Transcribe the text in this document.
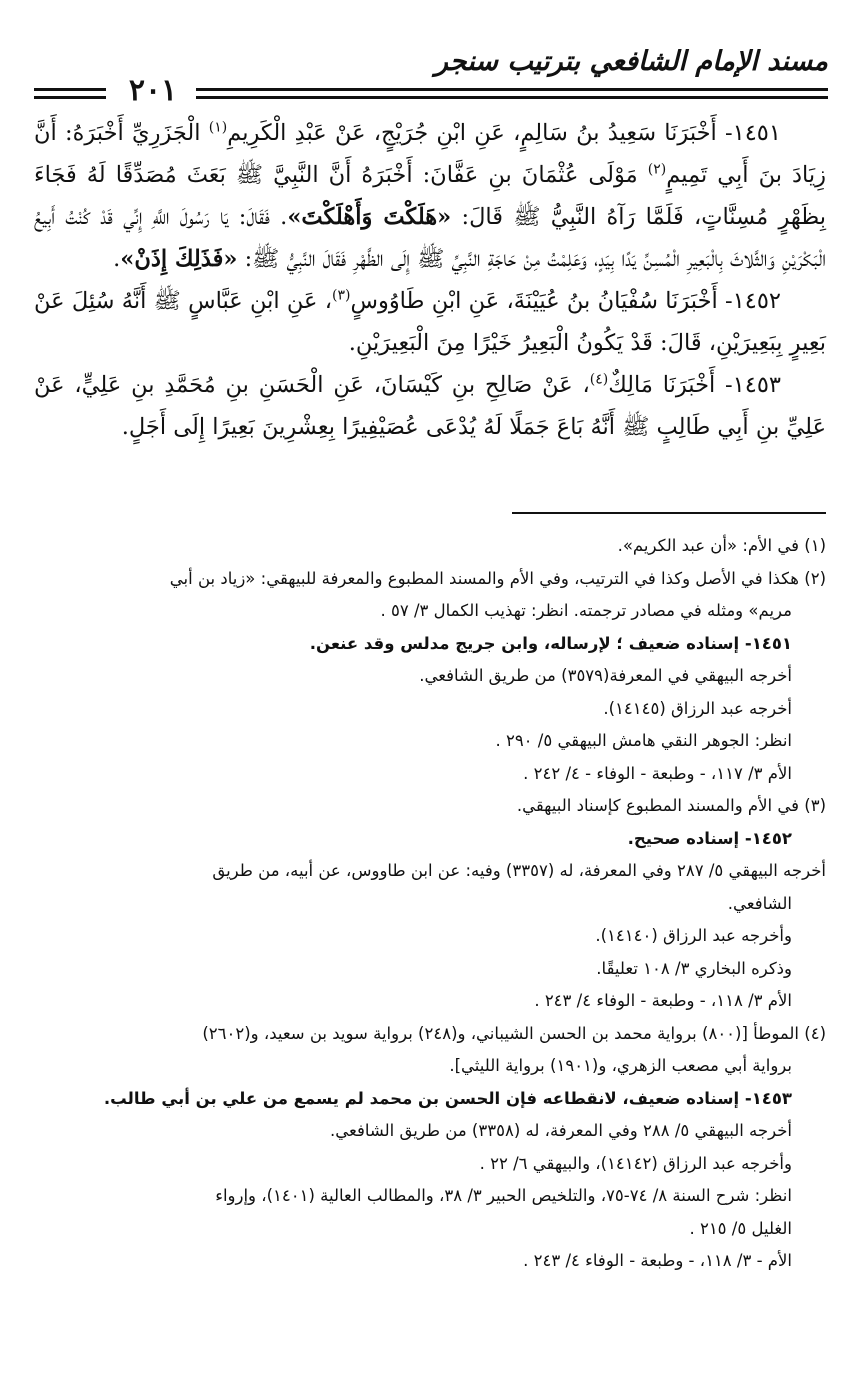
مسند الإمام الشافعي بترتيب سنجر
٢٠١

  ١٤٥١- أَخْبَرَنَا سَعِيدُ بنُ سَالِمٍ، عَنِ ابْنِ جُرَيْجٍ، عَنْ عَبْدِ الْكَرِيمِ$^{(١)}$ الْجَزَرِيِّ أَخْبَرَهُ: أَنَّ زِيَادَ بنَ أَبِي تَمِيمٍ$^{(٢)}$ مَوْلَى عُثْمَانَ بنِ عَفَّانَ: أَخْبَرَهُ أَنَّ النَّبِيَّ ﷺ بَعَثَ مُصَدِّقًا لَهُ فَجَاءَ بِظَهْرٍ مُسِنَّاتٍ، فَلَمَّا رَآهُ النَّبِيُّ ﷺ قَالَ: «هَلَكْتَ وَأَهْلَكْتَ». فَقَالَ: يَا رَسُولَ اللَّهِ إِنِّي قَدْ كُنْتُ أَبِيعُ الْبَكْرَيْنِ وَالثَّلاثَ بِالْبَعِيرِ الْمُسِنِّ يَدًا بِيَدٍ، وَعَلِمْتُ مِنْ حَاجَةِ النَّبِيِّ ﷺ إِلَى الظَّهْرِ فَقَالَ النَّبِيُّ ﷺ: «فَذَلِكَ إِذَنْ».

  ١٤٥٢- أَخْبَرَنَا سُفْيَانُ بنُ عُيَيْنَةَ، عَنِ ابْنِ طَاوُوسٍ$^{(٣)}$، عَنِ ابْنِ عَبَّاسٍ ﷺ أَنَّهُ سُئِلَ عَنْ بَعِيرٍ بِبَعِيرَيْنِ، قَالَ: قَدْ يَكُونُ الْبَعِيرُ خَيْرًا مِنَ الْبَعِيرَيْنِ.

  ١٤٥٣- أَخْبَرَنَا مَالِكٌ$^{(٤)}$، عَنْ صَالِحِ بنِ كَيْسَانَ، عَنِ الْحَسَنِ بنِ مُحَمَّدِ بنِ عَلِيٍّ، عَنْ عَلِيِّ بنِ أَبِي طَالِبٍ ﷺ أَنَّهُ بَاعَ جَمَلًا لَهُ يُدْعَى عُصَيْفِيرًا بِعِشْرِينَ بَعِيرًا إِلَى أَجَلٍ.

(١) في الأم: «أن عبد الكريم».

(٢) هكذا في الأصل وكذا في الترتيب، وفي الأم والمسند المطبوع والمعرفة للبيهقي: «زياد بن أبي

مريم» ومثله في مصادر ترجمته. انظر: تهذيب الكمال ٣/ ٥٧ .

١٤٥١- إسناده ضعيف ؛ لإرساله، وابن جريج مدلس وقد عنعن.

أخرجه البيهقي في المعرفة(٣٥٧٩) من طريق الشافعي.

أخرجه عبد الرزاق (١٤١٤٥).

انظر: الجوهر النقي هامش البيهقي ٥/ ٢٩٠ .

الأم ٣/ ١١٧، - وطبعة - الوفاء - ٤/ ٢٤٢ .

(٣) في الأم والمسند المطبوع كإسناد البيهقي.

١٤٥٢- إسناده صحيح.

أخرجه البيهقي ٥/ ٢٨٧ وفي المعرفة، له (٣٣٥٧) وفيه: عن ابن طاووس، عن أبيه، من طريق

الشافعي.

وأخرجه عبد الرزاق (١٤١٤٠).

وذكره البخاري ٣/ ١٠٨ تعليقًا.

الأم ٣/ ١١٨، - وطبعة - الوفاء ٤/ ٢٤٣ .

(٤) الموطأ [(٨٠٠) برواية محمد بن الحسن الشيباني، و(٢٤٨) برواية سويد بن سعيد، و(٢٦٠٢)

برواية أبي مصعب الزهري، و(١٩٠١) برواية الليثي].

١٤٥٣- إسناده ضعيف، لانقطاعه فإن الحسن بن محمد لم يسمع من علي بن أبي طالب.

أخرجه البيهقي ٥/ ٢٨٨ وفي المعرفة، له (٣٣٥٨) من طريق الشافعي.

وأخرجه عبد الرزاق (١٤١٤٢)، والبيهقي ٦/ ٢٢ .

انظر: شرح السنة ٨/ ٧٤-٧٥، والتلخيص الحبير ٣/ ٣٨، والمطالب العالية (١٤٠١)، وإرواء

الغليل ٥/ ٢١٥ .

الأم - ٣/ ١١٨، - وطبعة - الوفاء ٤/ ٢٤٣ .
